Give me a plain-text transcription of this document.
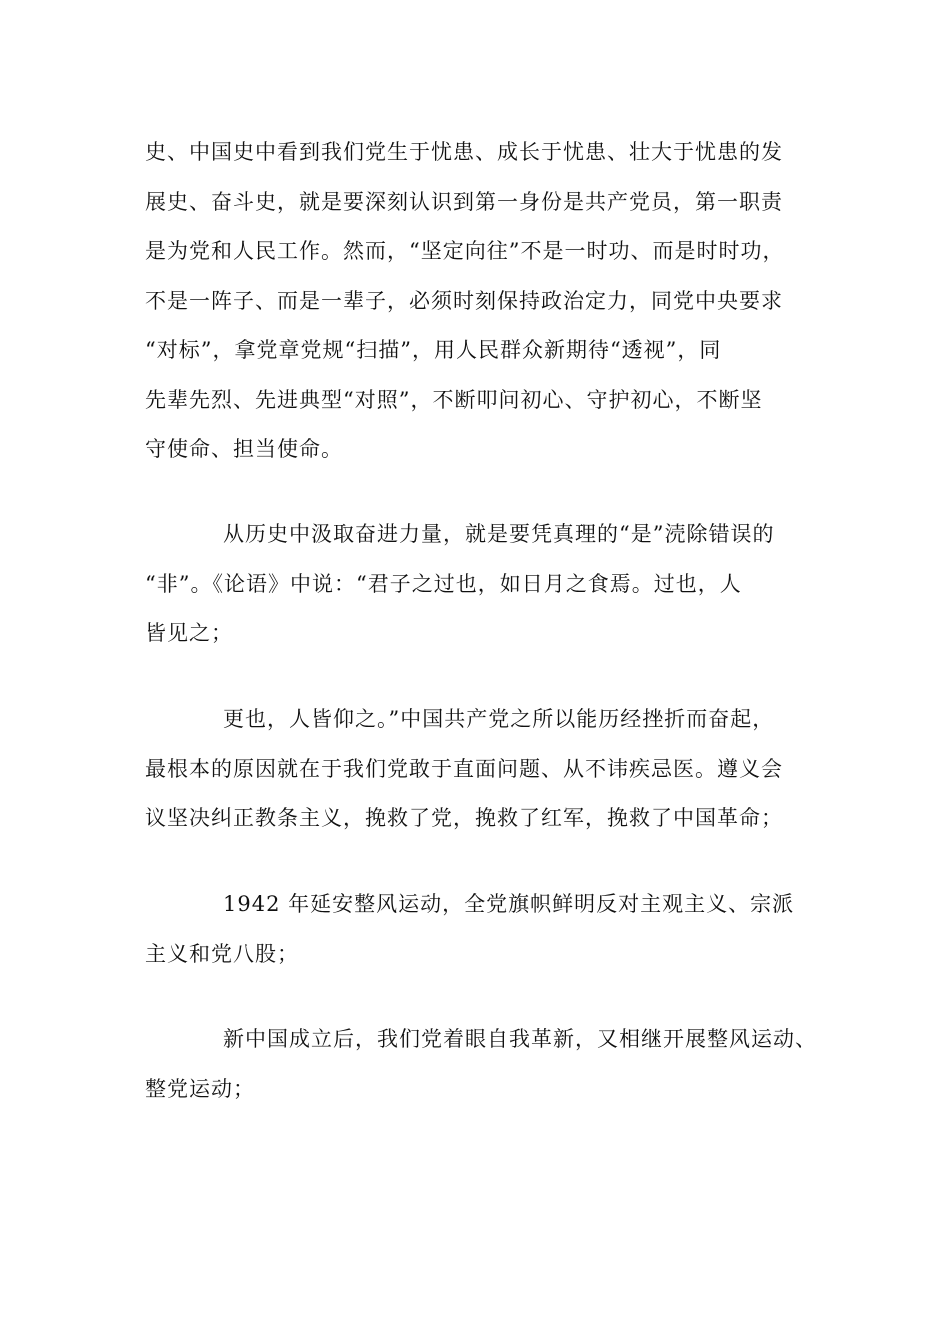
史、中国史中看到我们党生于忧患、成长于忧患、壮大于忧患的发
展史、奋斗史，就是要深刻认识到第一身份是共产党员，第一职责
是为党和人民工作。然而，“坚定向往”不是一时功、而是时时功，
不是一阵子、而是一辈子，必须时刻保持政治定力，同党中央要求
“对标”，拿党章党规“扫描”，用人民群众新期待“透视”，同
先辈先烈、先进典型“对照”，不断叩问初心、守护初心，不断坚
守使命、担当使命。
从历史中汲取奋进力量，就是要凭真理的“是”涜除错误的
“非”。《论语》中说：“君子之过也，如日月之食焉。过也，人
皆见之；
更也，人皆仰之。”中国共产党之所以能历经挫折而奋起，
最根本的原因就在于我们党敢于直面问题、从不讳疾忌医。遵义会
议坚决纠正教条主义，挽救了党，挽救了红军，挽救了中国革命；
1942 年延安整风运动，全党旗帜鲜明反对主观主义、宗派
主义和党八股；
新中国成立后，我们党着眼自我革新，又相继开展整风运动、
整党运动；
